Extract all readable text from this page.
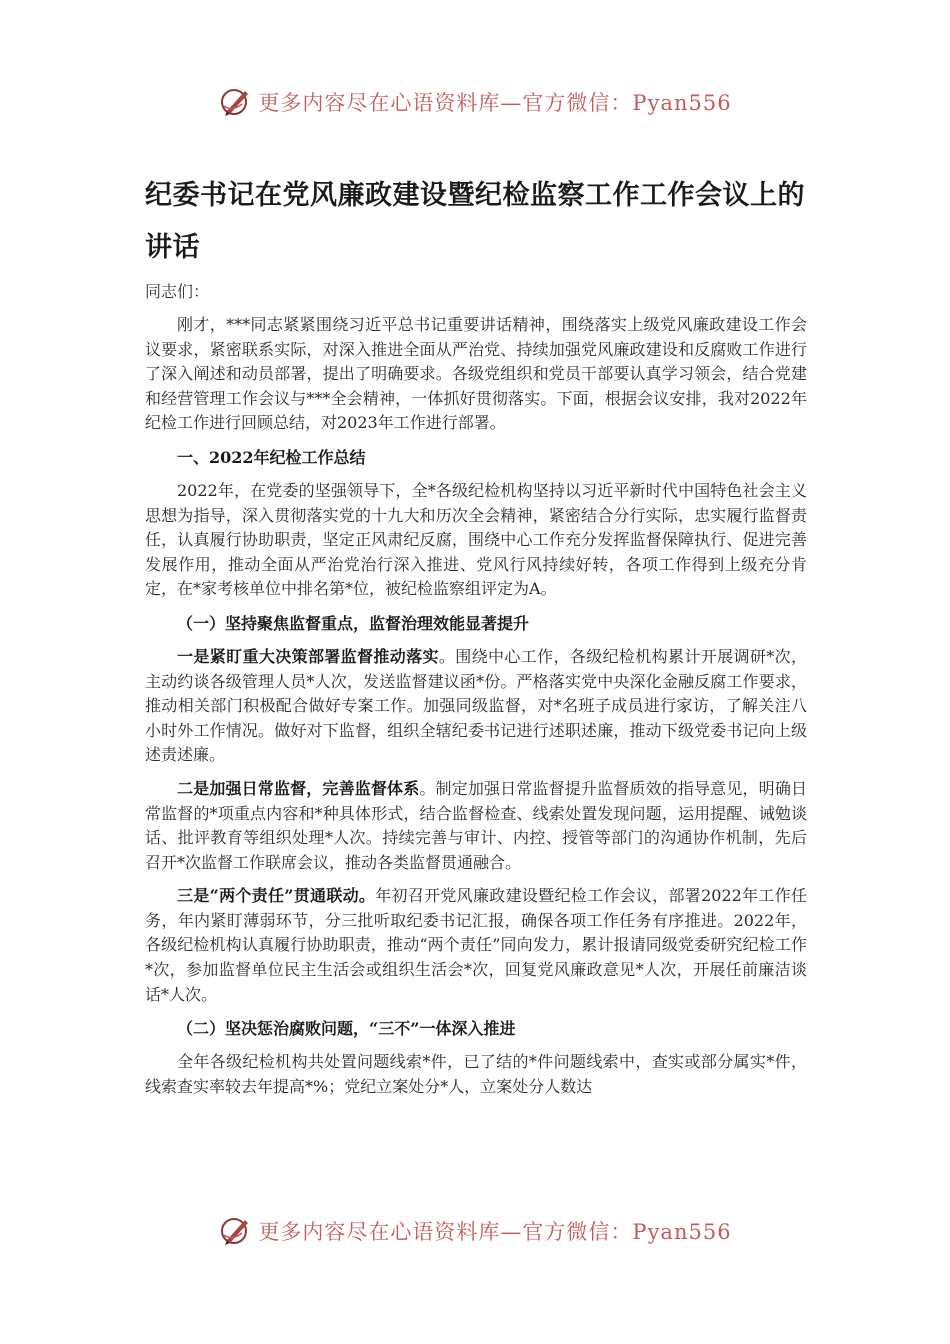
更多内容尽在心语资料库—官方微信：Pyan556
纪委书记在党风廉政建设暨纪检监察工作工作会议上的讲话

同志们：

刚才，***同志紧紧围绕习近平总书记重要讲话精神，围绕落实上级党风廉政建设工作会议要求，紧密联系实际，对深入推进全面从严治党、持续加强党风廉政建设和反腐败工作进行了深入阐述和动员部署，提出了明确要求。各级党组织和党员干部要认真学习领会，结合党建和经营管理工作会议与***全会精神，一体抓好贯彻落实。下面，根据会议安排，我对2022年纪检工作进行回顾总结，对2023年工作进行部署。

一、2022年纪检工作总结

2022年，在党委的坚强领导下，全*各级纪检机构坚持以习近平新时代中国特色社会主义思想为指导，深入贯彻落实党的十九大和历次全会精神，紧密结合分行实际，忠实履行监督责任，认真履行协助职责，坚定正风肃纪反腐，围绕中心工作充分发挥监督保障执行、促进完善发展作用，推动全面从严治党治行深入推进、党风行风持续好转，各项工作得到上级充分肯定，在*家考核单位中排名第*位，被纪检监察组评定为A。

（一）坚持聚焦监督重点，监督治理效能显著提升

一是紧盯重大决策部署监督推动落实。围绕中心工作，各级纪检机构累计开展调研*次，主动约谈各级管理人员*人次，发送监督建议函*份。严格落实党中央深化金融反腐工作要求，推动相关部门积极配合做好专案工作。加强同级监督，对*名班子成员进行家访，了解关注八小时外工作情况。做好对下监督，组织全辖纪委书记进行述职述廉，推动下级党委书记向上级述责述廉。

二是加强日常监督，完善监督体系。制定加强日常监督提升监督质效的指导意见，明确日常监督的*项重点内容和*种具体形式，结合监督检查、线索处置发现问题，运用提醒、诫勉谈话、批评教育等组织处理*人次。持续完善与审计、内控、授管等部门的沟通协作机制，先后召开*次监督工作联席会议，推动各类监督贯通融合。

三是“两个责任”贯通联动。年初召开党风廉政建设暨纪检工作会议，部署2022年工作任务，年内紧盯薄弱环节，分三批听取纪委书记汇报，确保各项工作任务有序推进。2022年，各级纪检机构认真履行协助职责，推动“两个责任”同向发力，累计报请同级党委研究纪检工作*次，参加监督单位民主生活会或组织生活会*次，回复党风廉政意见*人次，开展任前廉洁谈话*人次。

（二）坚决惩治腐败问题，“三不”一体深入推进

全年各级纪检机构共处置问题线索*件，已了结的*件问题线索中，查实或部分属实*件，线索查实率较去年提高*%；党纪立案处分*人，立案处分人数达

更多内容尽在心语资料库—官方微信：Pyan556
